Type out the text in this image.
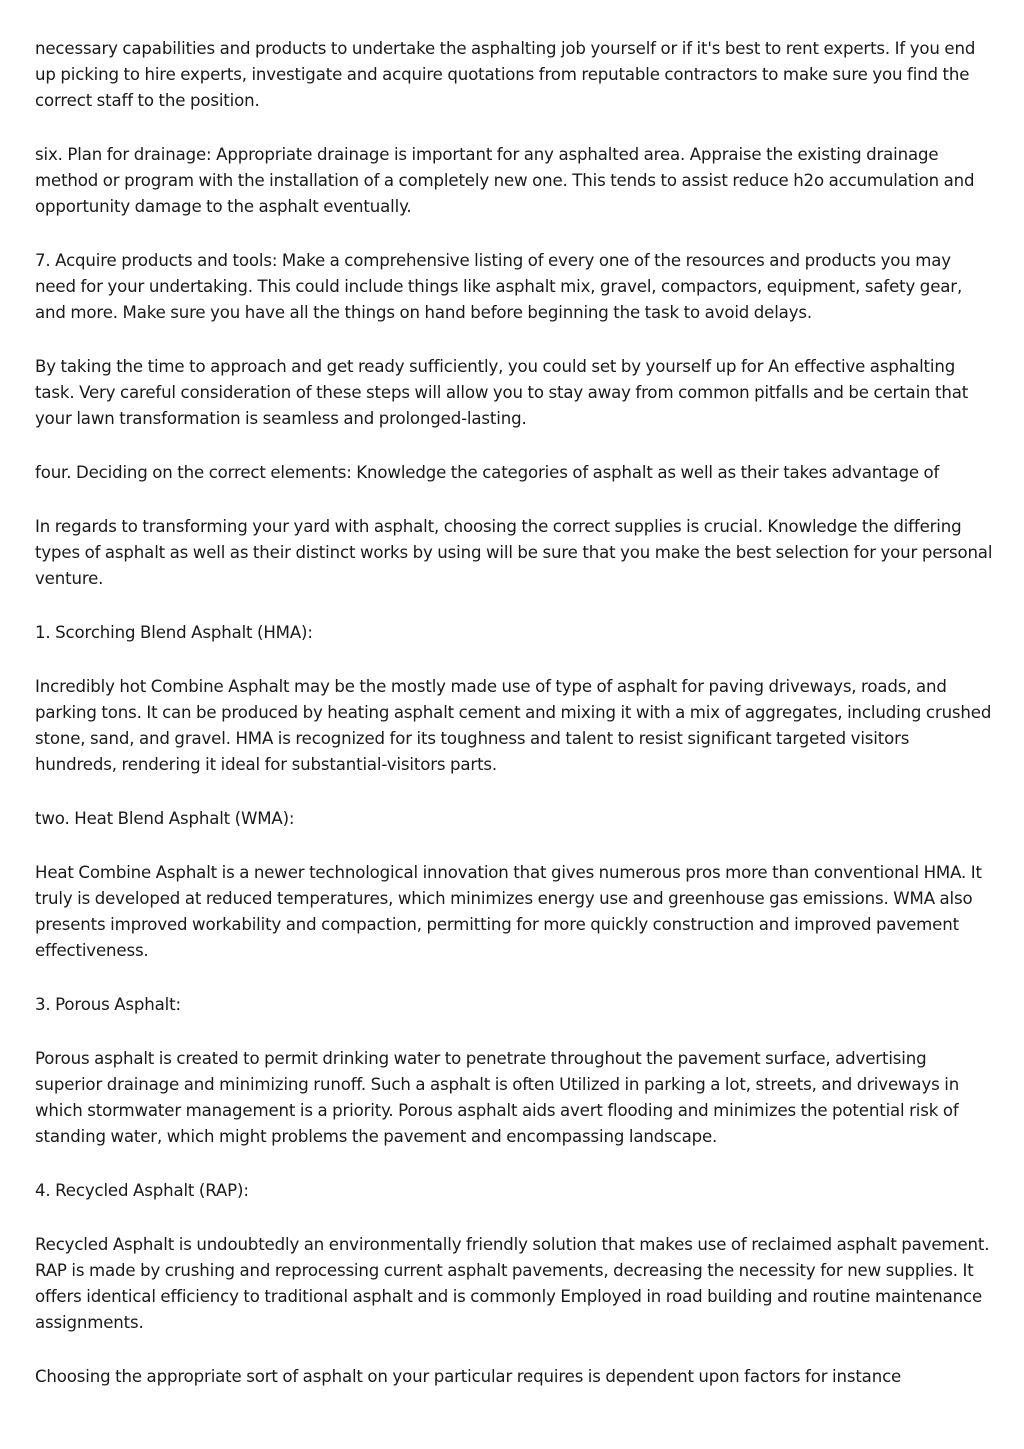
necessary capabilities and products to undertake the asphalting job yourself or if it's best to rent experts. If you end up picking to hire experts, investigate and acquire quotations from reputable contractors to make sure you find the correct staff to the position.

six. Plan for drainage: Appropriate drainage is important for any asphalted area. Appraise the existing drainage method or program with the installation of a completely new one. This tends to assist reduce h2o accumulation and opportunity damage to the asphalt eventually.

7. Acquire products and tools: Make a comprehensive listing of every one of the resources and products you may need for your undertaking. This could include things like asphalt mix, gravel, compactors, equipment, safety gear, and more. Make sure you have all the things on hand before beginning the task to avoid delays.

By taking the time to approach and get ready sufficiently, you could set by yourself up for An effective asphalting task. Very careful consideration of these steps will allow you to stay away from common pitfalls and be certain that your lawn transformation is seamless and prolonged-lasting.

four. Deciding on the correct elements: Knowledge the categories of asphalt as well as their takes advantage of

In regards to transforming your yard with asphalt, choosing the correct supplies is crucial. Knowledge the differing types of asphalt as well as their distinct works by using will be sure that you make the best selection for your personal venture.

1. Scorching Blend Asphalt (HMA):

Incredibly hot Combine Asphalt may be the mostly made use of type of asphalt for paving driveways, roads, and parking tons. It can be produced by heating asphalt cement and mixing it with a mix of aggregates, including crushed stone, sand, and gravel. HMA is recognized for its toughness and talent to resist significant targeted visitors hundreds, rendering it ideal for substantial-visitors parts.

two. Heat Blend Asphalt (WMA):

Heat Combine Asphalt is a newer technological innovation that gives numerous pros more than conventional HMA. It truly is developed at reduced temperatures, which minimizes energy use and greenhouse gas emissions. WMA also presents improved workability and compaction, permitting for more quickly construction and improved pavement effectiveness.

3. Porous Asphalt:

Porous asphalt is created to permit drinking water to penetrate throughout the pavement surface, advertising superior drainage and minimizing runoff. Such a asphalt is often Utilized in parking a lot, streets, and driveways in which stormwater management is a priority. Porous asphalt aids avert flooding and minimizes the potential risk of standing water, which might problems the pavement and encompassing landscape.

4. Recycled Asphalt (RAP):

Recycled Asphalt is undoubtedly an environmentally friendly solution that makes use of reclaimed asphalt pavement. RAP is made by crushing and reprocessing current asphalt pavements, decreasing the necessity for new supplies. It offers identical efficiency to traditional asphalt and is commonly Employed in road building and routine maintenance assignments.

Choosing the appropriate sort of asphalt on your particular requires is dependent upon factors for instance
